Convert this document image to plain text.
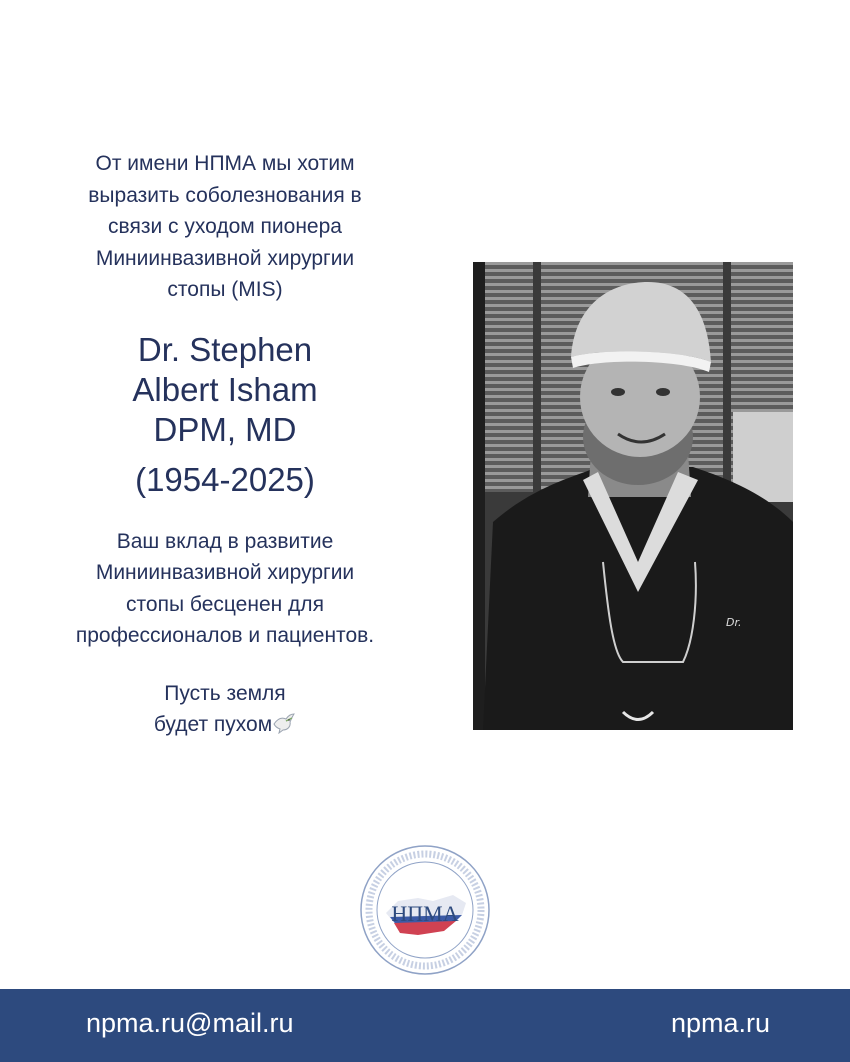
От имени НПМА мы хотим
выразить соболезнования в
связи с уходом пионера
Миниинвазивной хирургии
стопы (MIS)

Dr. Stephen
Albert Isham
DPM, MD
(1954-2025)

Ваш вклад в развитие
Миниинвазивной хирургии
стопы бесценен для
профессионалов и пациентов.

Пусть земля
будет пухом

Dr.
НПМА
npma.ru@mail.ru	npma.ru
